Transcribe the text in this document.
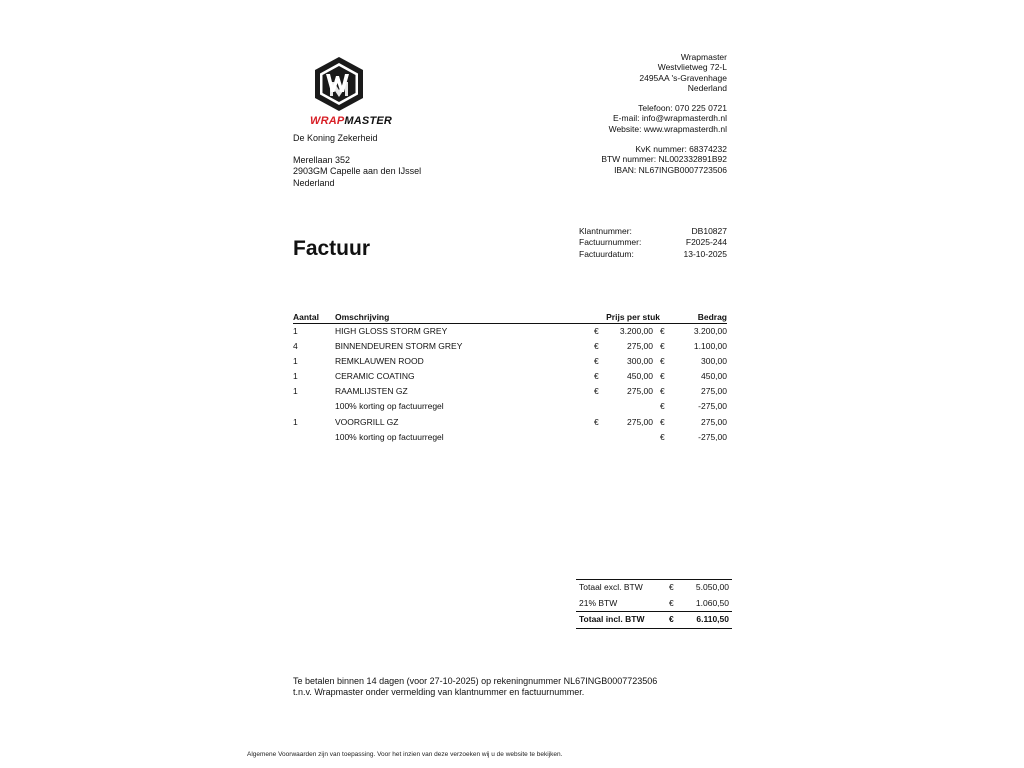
WRAPMASTER
De Koning Zekerheid
Merellaan 352
2903GM Capelle aan den IJssel
Nederland
Wrapmaster
Westvlietweg 72-L
2495AA 's-Gravenhage
Nederland
Telefoon: 070 225 0721
E-mail: info@wrapmasterdh.nl
Website: www.wrapmasterdh.nl
KvK nummer: 68374232
BTW nummer: NL002332891B92
IBAN: NL67INGB0007723506
Factuur
Klantnummer:	DB10827
Factuurnummer:	F2025-244
Factuurdatum:	13-10-2025
Aantal	Omschrijving	Prijs per stuk	Bedrag
1	HIGH GLOSS STORM GREY	€	3.200,00 €	3.200,00
4	BINNENDEUREN STORM GREY	€	275,00 €	1.100,00
1	REMKLAUWEN ROOD	€	300,00 €	300,00
1	CERAMIC COATING	€	450,00 €	450,00
1	RAAMLIJSTEN GZ	€	275,00 €	275,00
100% korting op factuurregel	€	-275,00
1	VOORGRILL GZ	€	275,00 €	275,00
100% korting op factuurregel	€	-275,00
Totaal excl. BTW	€	5.050,00
21% BTW	€	1.060,50
Totaal incl. BTW	€	6.110,50
Te betalen binnen 14 dagen (voor 27-10-2025) op rekeningnummer NL67INGB0007723506
t.n.v. Wrapmaster onder vermelding van klantnummer en factuurnummer.
Algemene Voorwaarden zijn van toepassing. Voor het inzien van deze verzoeken wij u de website te bekijken.
